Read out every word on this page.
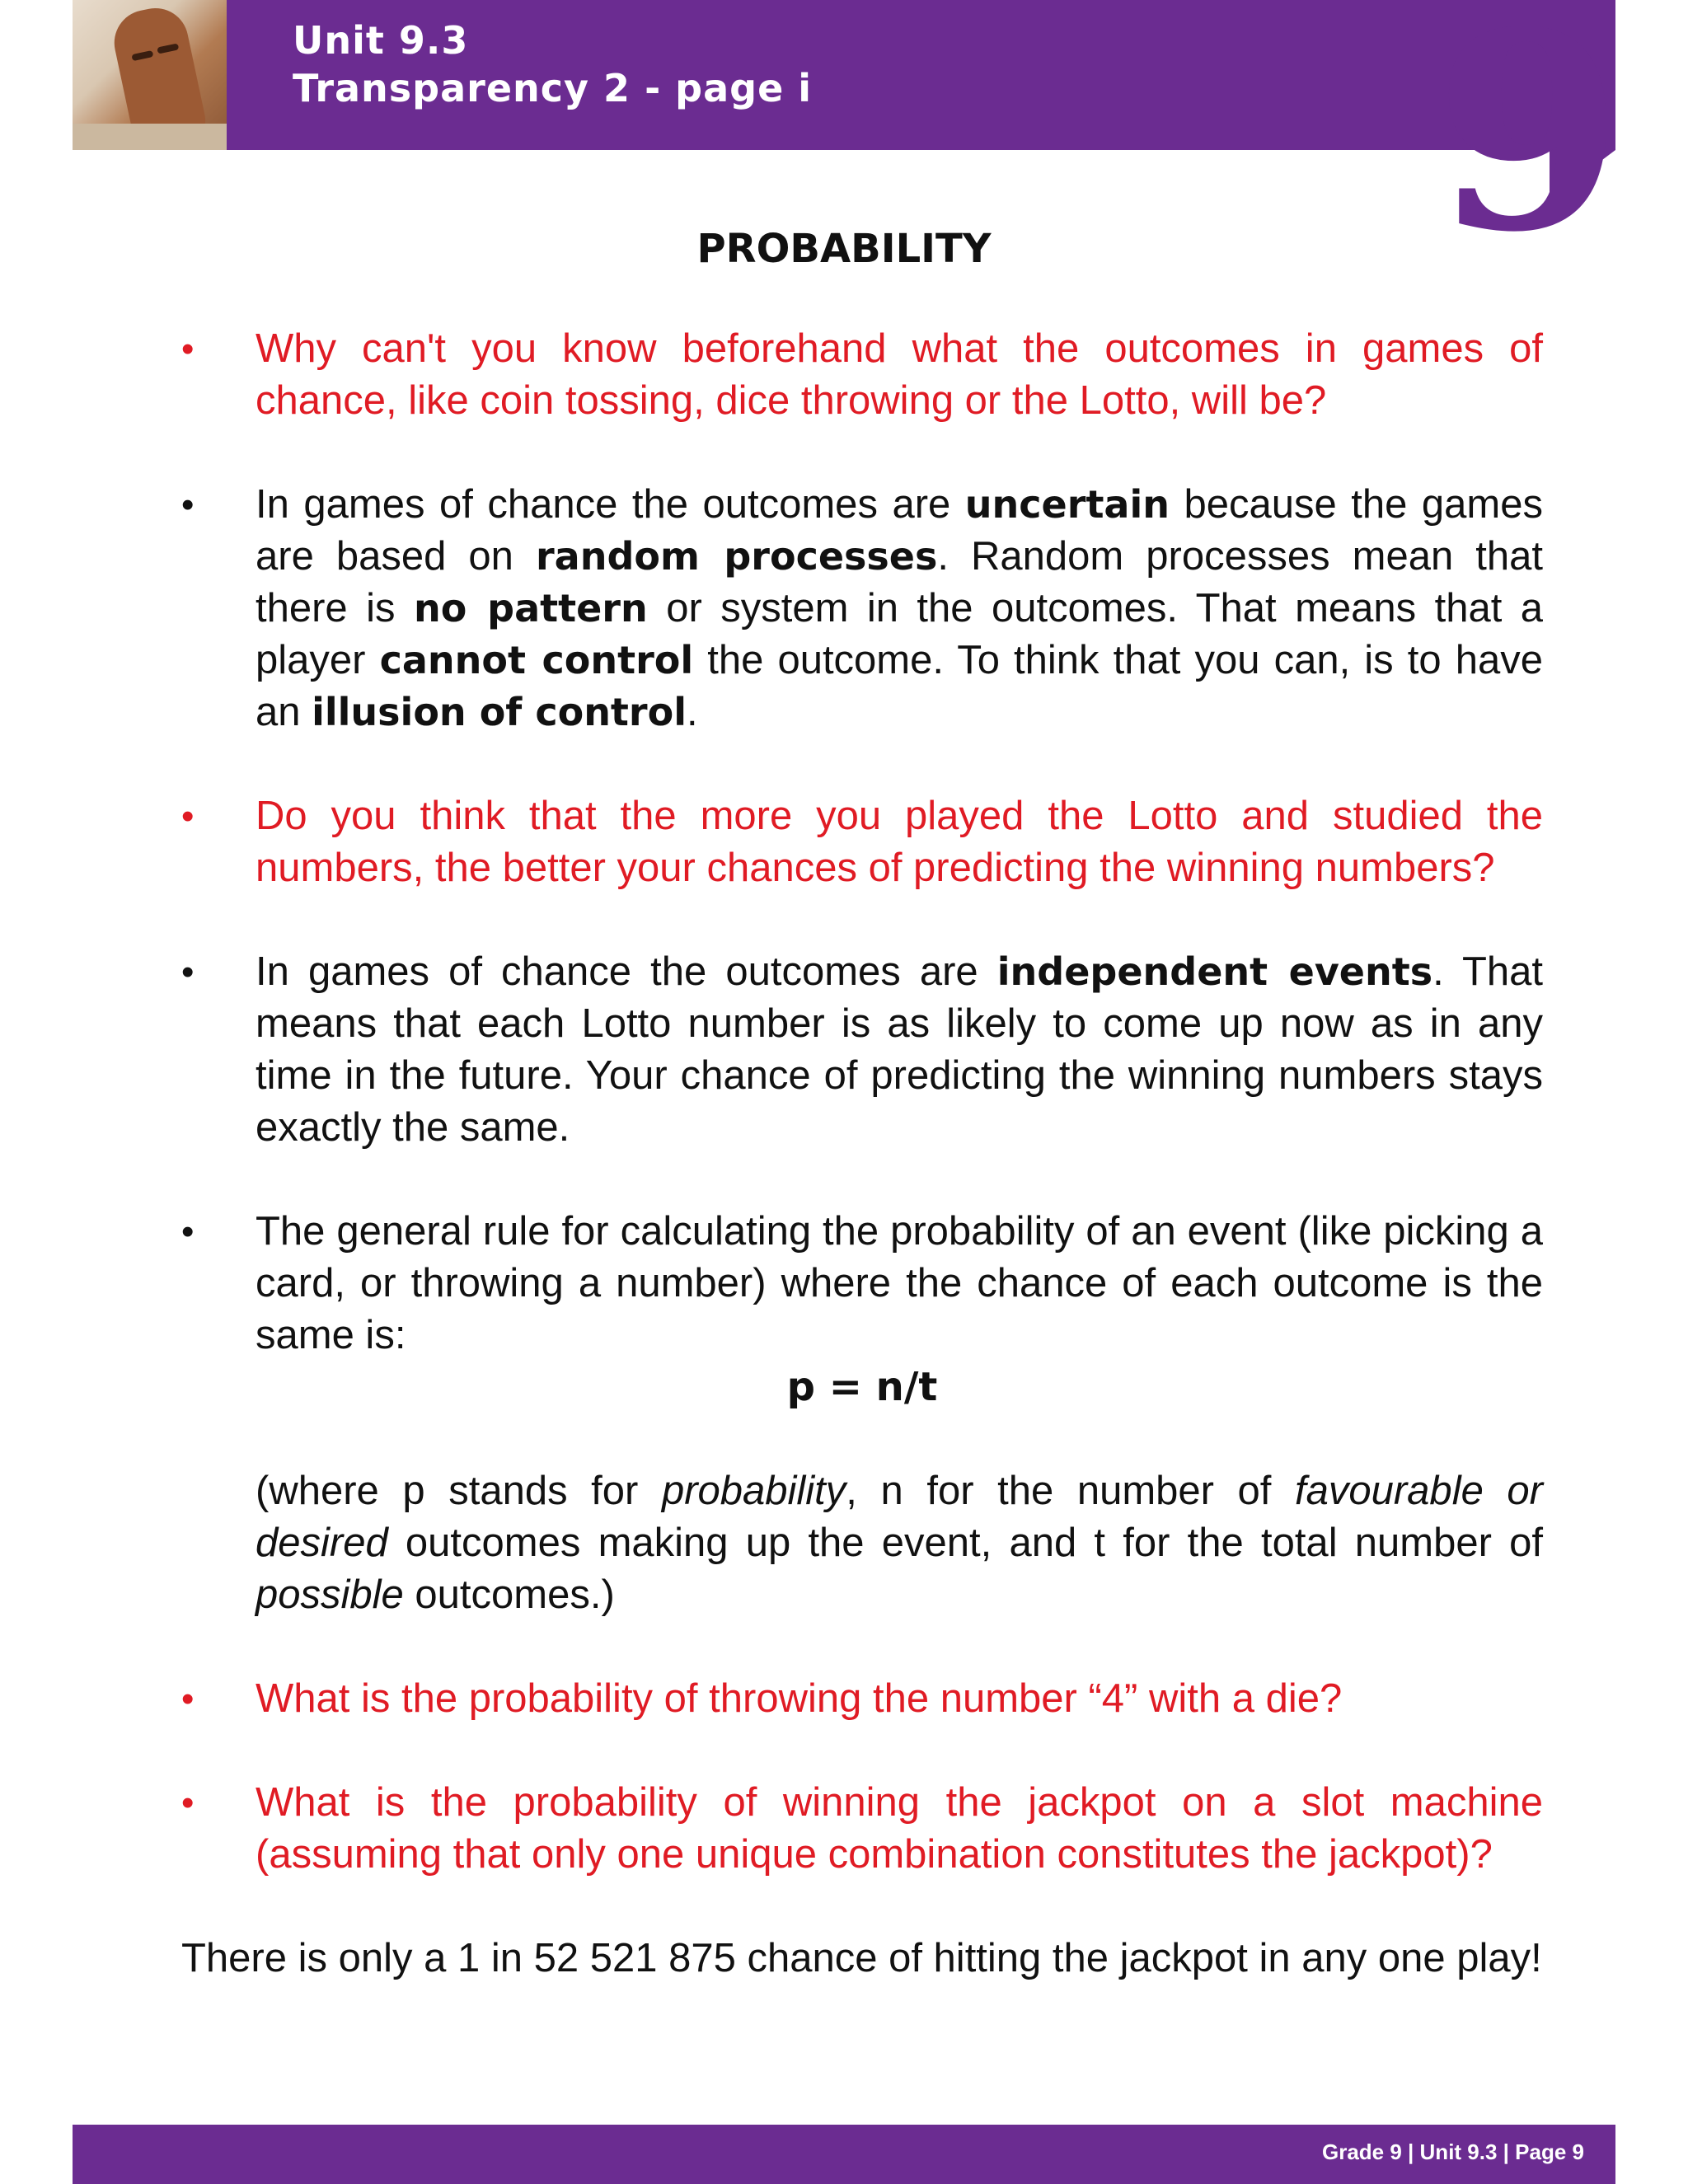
Unit 9.3
Transparency 2 - page i 9
PROBABILITY
•	Why can't you know beforehand what the outcomes in games of chance, like coin tossing, dice throwing or the Lotto, will be?
•	In games of chance the outcomes are uncertain because the games are based on random processes. Random processes mean that there is no pattern or system in the outcomes. That means that a player cannot control the outcome. To think that you can, is to have an illusion of control.
•	Do you think that the more you played the Lotto and studied the numbers, the better your chances of predicting the winning numbers?
•	In games of chance the outcomes are independent events. That means that each Lotto number is as likely to come up now as in any time in the future. Your chance of predicting the winning numbers stays exactly the same.
•	The general rule for calculating the probability of an event (like picking a card, or throwing a number) where the chance of each outcome is the same is:
p = n/t
(where p stands for probability, n for the number of favourable or desired outcomes making up the event, and t for the total number of possible outcomes.)
•	What is the probability of throwing the number “4” with a die?
•	What is the probability of winning the jackpot on a slot machine (assuming that only one unique combination constitutes the jackpot)?
There is only a 1 in 52 521 875 chance of hitting the jackpot in any one play!
Grade 9 | Unit 9.3 | Page 9
